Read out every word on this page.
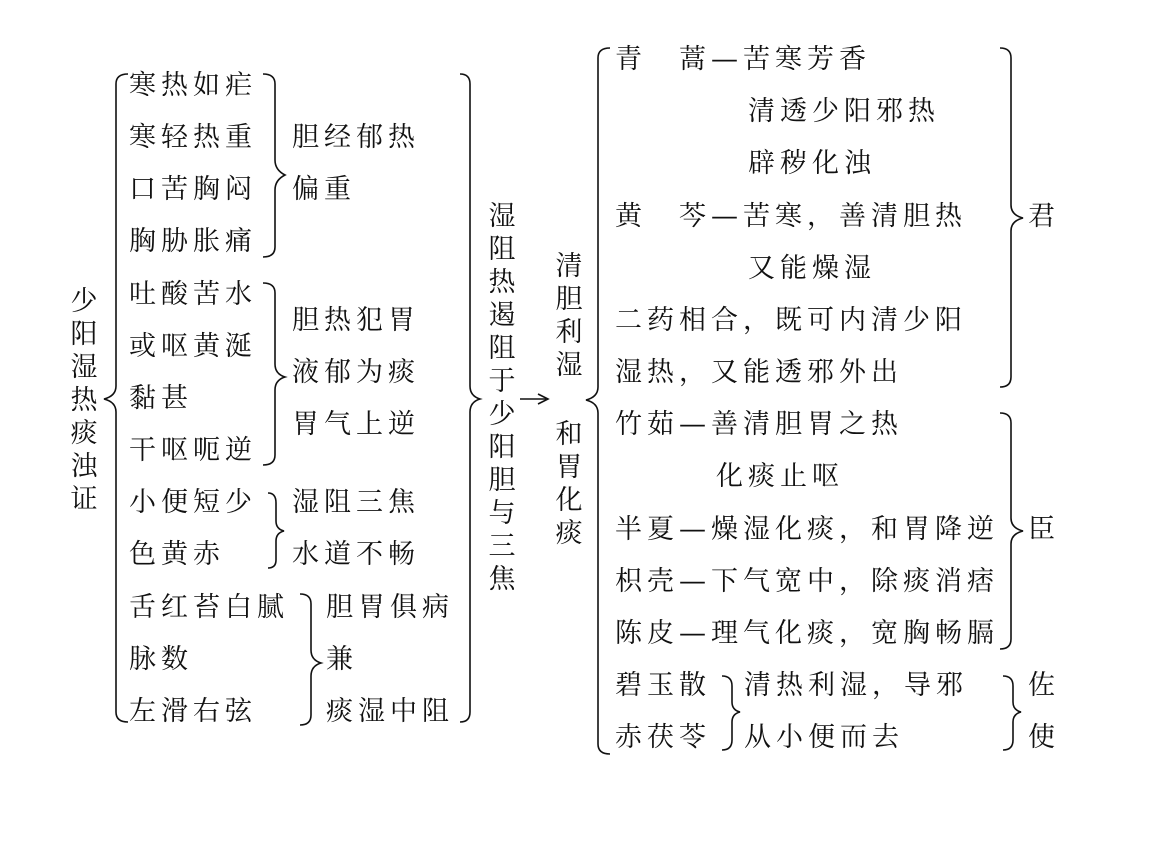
少阳湿热痰浊证
寒热如疟
寒轻热重
口苦胸闷
胸胁胀痛
胆经郁热
偏重
吐酸苦水
或呕黄涎
黏甚
干呕呃逆
胆热犯胃
液郁为痰
胃气上逆
小便短少
色黄赤
湿阻三焦
水道不畅
舌红苔白腻
脉数
左滑右弦
胆胃俱病
兼
痰湿中阻
湿阻热遏阻于少阳胆与三焦
清胆利湿
和胃化痰
青　蒿—苦寒芳香
清透少阳邪热
辟秽化浊
黄　芩—苦寒，善清胆热
又能燥湿
二药相合，既可内清少阳
湿热，又能透邪外出
君
竹茹—善清胆胃之热
化痰止呕
半夏—燥湿化痰，和胃降逆
枳壳—下气宽中，除痰消痞
陈皮—理气化痰，宽胸畅膈
臣
碧玉散
赤茯苓
清热利湿，导邪
从小便而去
佐
使
